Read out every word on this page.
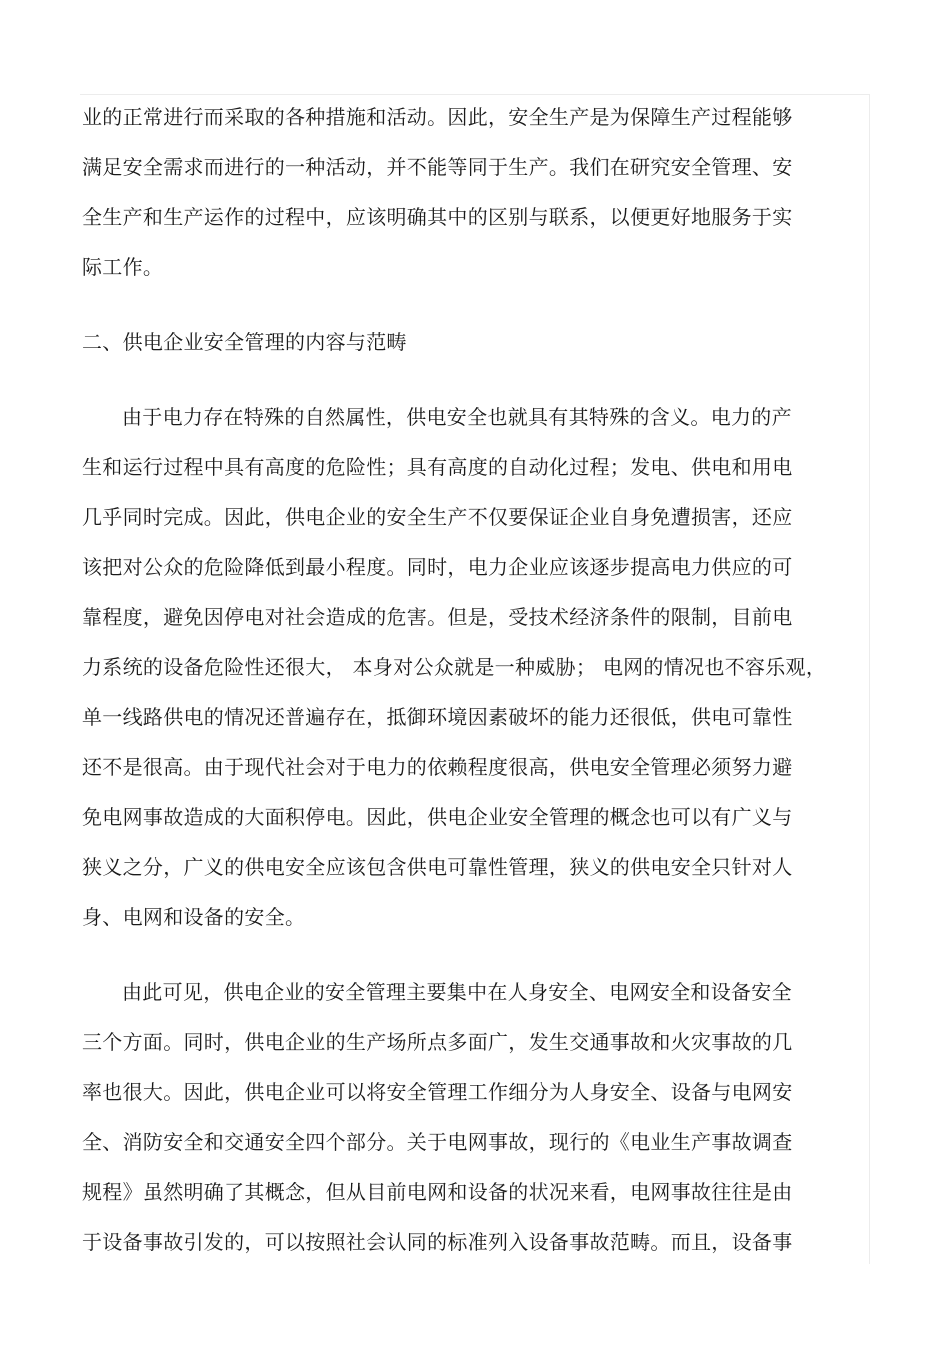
业的正常进行而采取的各种措施和活动。因此，安全生产是为保障生产过程能够
满足安全需求而进行的一种活动，并不能等同于生产。我们在研究安全管理、安
全生产和生产运作的过程中，应该明确其中的区别与联系，以便更好地服务于实
际工作。
二、供电企业安全管理的内容与范畴
由于电力存在特殊的自然属性，供电安全也就具有其特殊的含义。电力的产
生和运行过程中具有高度的危险性；具有高度的自动化过程；发电、供电和用电
几乎同时完成。因此，供电企业的安全生产不仅要保证企业自身免遭损害，还应
该把对公众的危险降低到最小程度。同时，电力企业应该逐步提高电力供应的可
靠程度，避免因停电对社会造成的危害。但是，受技术经济条件的限制，目前电
力系统的设备危险性还很大， 本身对公众就是一种威胁； 电网的情况也不容乐观，
单一线路供电的情况还普遍存在，抵御环境因素破坏的能力还很低，供电可靠性
还不是很高。由于现代社会对于电力的依赖程度很高，供电安全管理必须努力避
免电网事故造成的大面积停电。因此，供电企业安全管理的概念也可以有广义与
狭义之分，广义的供电安全应该包含供电可靠性管理，狭义的供电安全只针对人
身、电网和设备的安全。
由此可见，供电企业的安全管理主要集中在人身安全、电网安全和设备安全
三个方面。同时，供电企业的生产场所点多面广，发生交通事故和火灾事故的几
率也很大。因此，供电企业可以将安全管理工作细分为人身安全、设备与电网安
全、消防安全和交通安全四个部分。关于电网事故，现行的《电业生产事故调查
规程》虽然明确了其概念，但从目前电网和设备的状况来看，电网事故往往是由
于设备事故引发的，可以按照社会认同的标准列入设备事故范畴。而且，设备事
